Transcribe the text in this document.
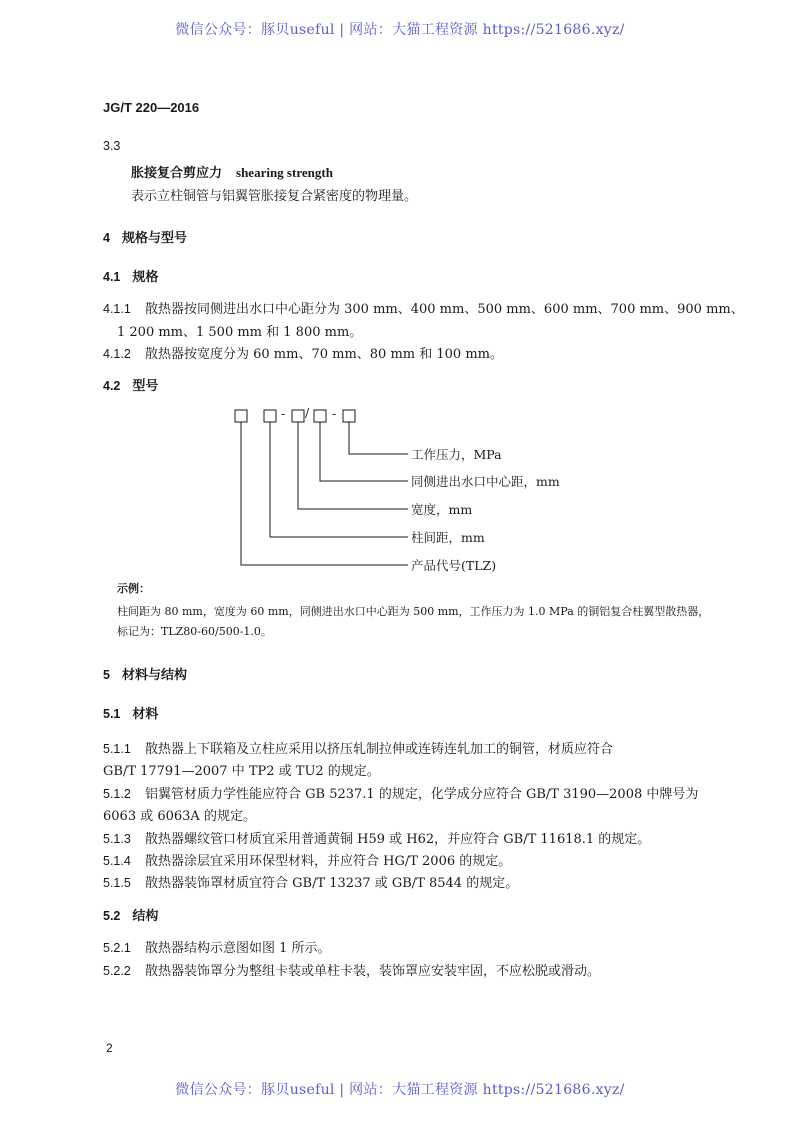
微信公众号：豚贝useful | 网站：大猫工程资源 https://521686.xyz/
JG/T 220—2016
3.3
胀接复合剪应力 shearing strength
表示立柱铜管与铝翼管胀接复合紧密度的物理量。
4 规格与型号
4.1 规格
4.1.1 散热器按同侧进出水口中心距分为 300 mm、400 mm、500 mm、600 mm、700 mm、900 mm、
1 200 mm、1 500 mm 和 1 800 mm。
4.1.2 散热器按宽度分为 60 mm、70 mm、80 mm 和 100 mm。
4.2 型号
- / -
工作压力，MPa
同侧进出水口中心距，mm
宽度，mm
柱间距，mm
产品代号(TLZ)
示例：
柱间距为 80 mm，宽度为 60 mm，同侧进出水口中心距为 500 mm，工作压力为 1.0 MPa 的铜铝复合柱翼型散热器，
标记为：TLZ80-60/500-1.0。
5 材料与结构
5.1 材料
5.1.1 散热器上下联箱及立柱应采用以挤压轧制拉伸或连铸连轧加工的铜管，材质应符合
GB/T 17791—2007 中 TP2 或 TU2 的规定。
5.1.2 铝翼管材质力学性能应符合 GB 5237.1 的规定，化学成分应符合 GB/T 3190—2008 中牌号为
6063 或 6063A 的规定。
5.1.3 散热器螺纹管口材质宜采用普通黄铜 H59 或 H62，并应符合 GB/T 11618.1 的规定。
5.1.4 散热器涂层宜采用环保型材料，并应符合 HG/T 2006 的规定。
5.1.5 散热器装饰罩材质宜符合 GB/T 13237 或 GB/T 8544 的规定。
5.2 结构
5.2.1 散热器结构示意图如图 1 所示。
5.2.2 散热器装饰罩分为整组卡装或单柱卡装，装饰罩应安装牢固，不应松脱或滑动。
2
微信公众号：豚贝useful | 网站：大猫工程资源 https://521686.xyz/
